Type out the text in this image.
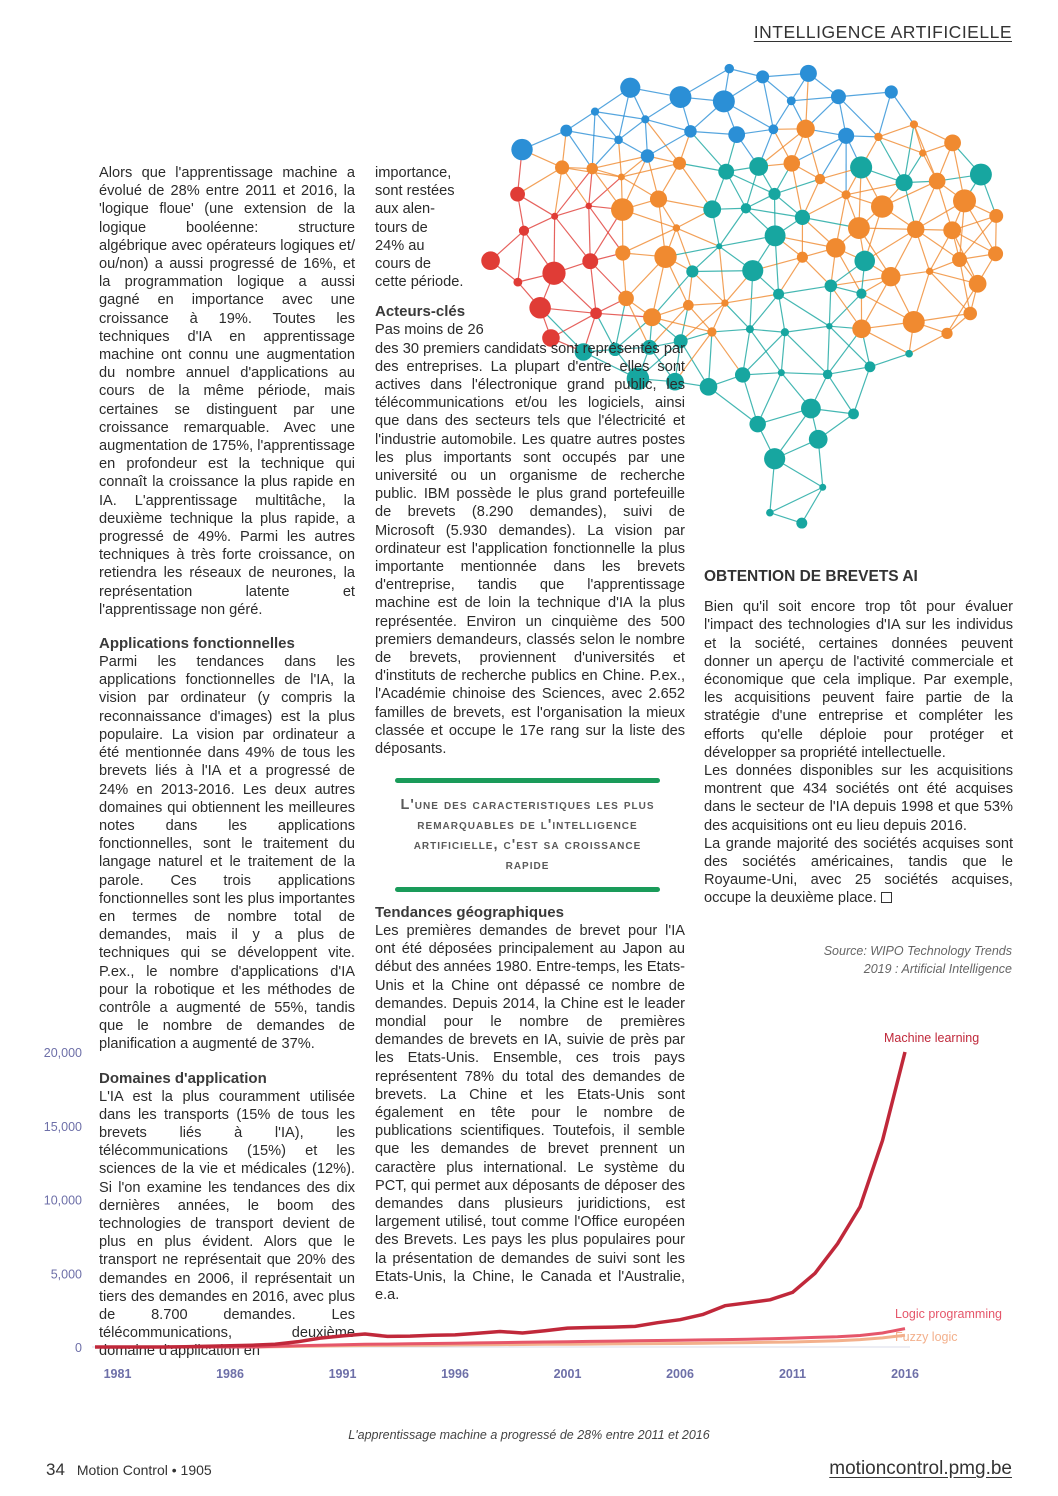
INTELLIGENCE ARTIFICIELLE

Alors que l'apprentissage machine a évolué de 28% entre 2011 et 2016, la 'logique floue' (une extension de la logique booléenne: structure algébrique avec opérateurs logiques et/ ou/non) a aussi progressé de 16%, et la programmation logique a aussi gagné en importance avec une croissance à 19%. Toutes les techniques d'IA en apprentissage machine ont connu une augmentation du nombre annuel d'applications au cours de la même période, mais certaines se distinguent par une croissance remarquable. Avec une augmentation de 175%, l'apprentissage en profondeur est la technique qui connaît la croissance la plus rapide en IA. L'apprentissage multitâche, la deuxième technique la plus rapide, a progressé de 49%. Parmi les autres techniques à très forte croissance, on retiendra les réseaux de neurones, la représentation latente et l'apprentissage non géré.

Applications fonctionnelles

Parmi les tendances dans les applications fonctionnelles de l'IA, la vision par ordinateur (y compris la reconnaissance d'images) est la plus populaire. La vision par ordinateur a été mentionnée dans 49% de tous les brevets liés à l'IA et a progressé de 24% en 2013-2016. Les deux autres domaines qui obtiennent les meilleures notes dans les applications fonctionnelles, sont le traitement du langage naturel et le traitement de la parole. Ces trois applications fonctionnelles sont les plus importantes en termes de nombre total de demandes, mais il y a plus de techniques qui se développent vite. P.ex., le nombre d'applications d'IA pour la robotique et les méthodes de contrôle a augmenté de 55%, tandis que le nombre de demandes de planification a augmenté de 37%.

Domaines d'application

L'IA est la plus couramment utilisée dans les transports (15% de tous les brevets liés à l'IA), les télécommunications (15%) et les sciences de la vie et médicales (12%). Si l'on examine les tendances des dix dernières années, le boom des technologies de transport devient de plus en plus évident. Alors que le transport ne représentait que 20% des demandes en 2006, il représentait un tiers des demandes en 2016, avec plus de 8.700 demandes. Les télécommunications, deuxième domaine d'application en

importance,
sont restées
aux alen-
tours de
24% au
cours de
cette période.
Acteurs-clés
Pas moins de 26

des 30 premiers candidats sont représentés par des entreprises. La plupart d'entre elles sont actives dans l'électronique grand public, les télécommunications et/ou les logiciels, ainsi que dans des secteurs tels que l'électricité et l'industrie automobile. Les quatre autres postes les plus importants sont occupés par une université ou un organisme de recherche public. IBM possède le plus grand portefeuille de brevets (8.290 demandes), suivi de Microsoft (5.930 demandes). La vision par ordinateur est l'application fonctionnelle la plus importante mentionnée dans les brevets d'entreprise, tandis que l'apprentissage machine est de loin la technique d'IA la plus représentée. Environ un cinquième des 500 premiers demandeurs, classés selon le nombre de brevets, proviennent d'universités et d'instituts de recherche publics en Chine. P.ex., l'Académie chinoise des Sciences, avec 2.652 familles de brevets, est l'organisation la mieux classée et occupe le 17e rang sur la liste des déposants.

L'une des caracteristiques les plus remarquables de l'intelligence artificielle, c'est sa croissance rapide
Tendances géographiques

Les premières demandes de brevet pour l'IA ont été déposées principalement au Japon au début des années 1980. Entre-temps, les Etats-Unis et la Chine ont dépassé ce nombre de demandes. Depuis 2014, la Chine est le leader mondial pour le nombre de premières demandes de brevets en IA, suivie de près par les Etats-Unis. Ensemble, ces trois pays représentent 78% du total des demandes de brevets. La Chine et les Etats-Unis sont également en tête pour le nombre de publications scientifiques. Toutefois, il semble que les demandes de brevet prennent un caractère plus international. Le système du PCT, qui permet aux déposants de déposer des demandes dans plusieurs juridictions, est largement utilisé, tout comme l'Office européen des Brevets. Les pays les plus populaires pour la présentation de demandes de suivi sont les Etats-Unis, la Chine, le Canada et l'Australie, e.a.

OBTENTION DE BREVETS AI

Bien qu'il soit encore trop tôt pour évaluer l'impact des technologies d'IA sur les individus et la société, certaines données peuvent donner un aperçu de l'activité commerciale et économique que cela implique. Par exemple, les acquisitions peuvent faire partie de la stratégie d'une entreprise et compléter les efforts qu'elle déploie pour protéger et développer sa propriété intellectuelle.

Les données disponibles sur les acquisitions montrent que 434 sociétés ont été acquises dans le secteur de l'IA depuis 1998 et que 53% des acquisitions ont eu lieu depuis 2016.

La grande majorité des sociétés acquises sont des sociétés américaines, tandis que le Royaume-Uni, avec 25 sociétés acquises, occupe la deuxième place.

Source: WIPO Technology Trends
2019 : Artificial Intelligence
0
5,000
10,000
15,000
20,000
1981	1986	1991	1996	2001	2006	2011	2016
Machine learning
Logic programming
Fuzzy logic
L'apprentissage machine a progressé de 28% entre 2011 et 2016
34 Motion Control • 1905	motioncontrol.pmg.be
